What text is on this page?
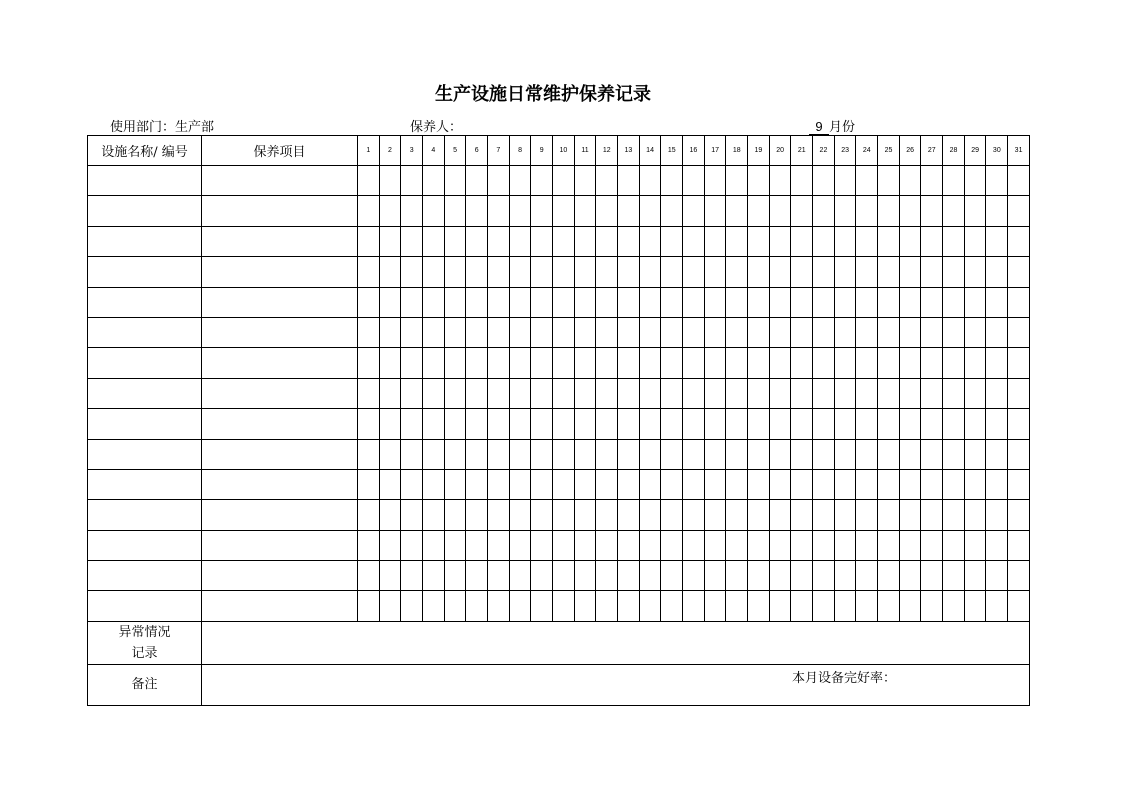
生产设施日常维护保养记录
使用部门：生产部	保养人：	9 月份
设施名称/ 编号	保养项目	1	2	3	4	5	6	7	8	9	10	11	12	13	14	15	16	17	18	19	20	21	22	23	24	25	26	27	28	29	30	31

异常情况
记录																																

备注	本月设备完好率：																															
